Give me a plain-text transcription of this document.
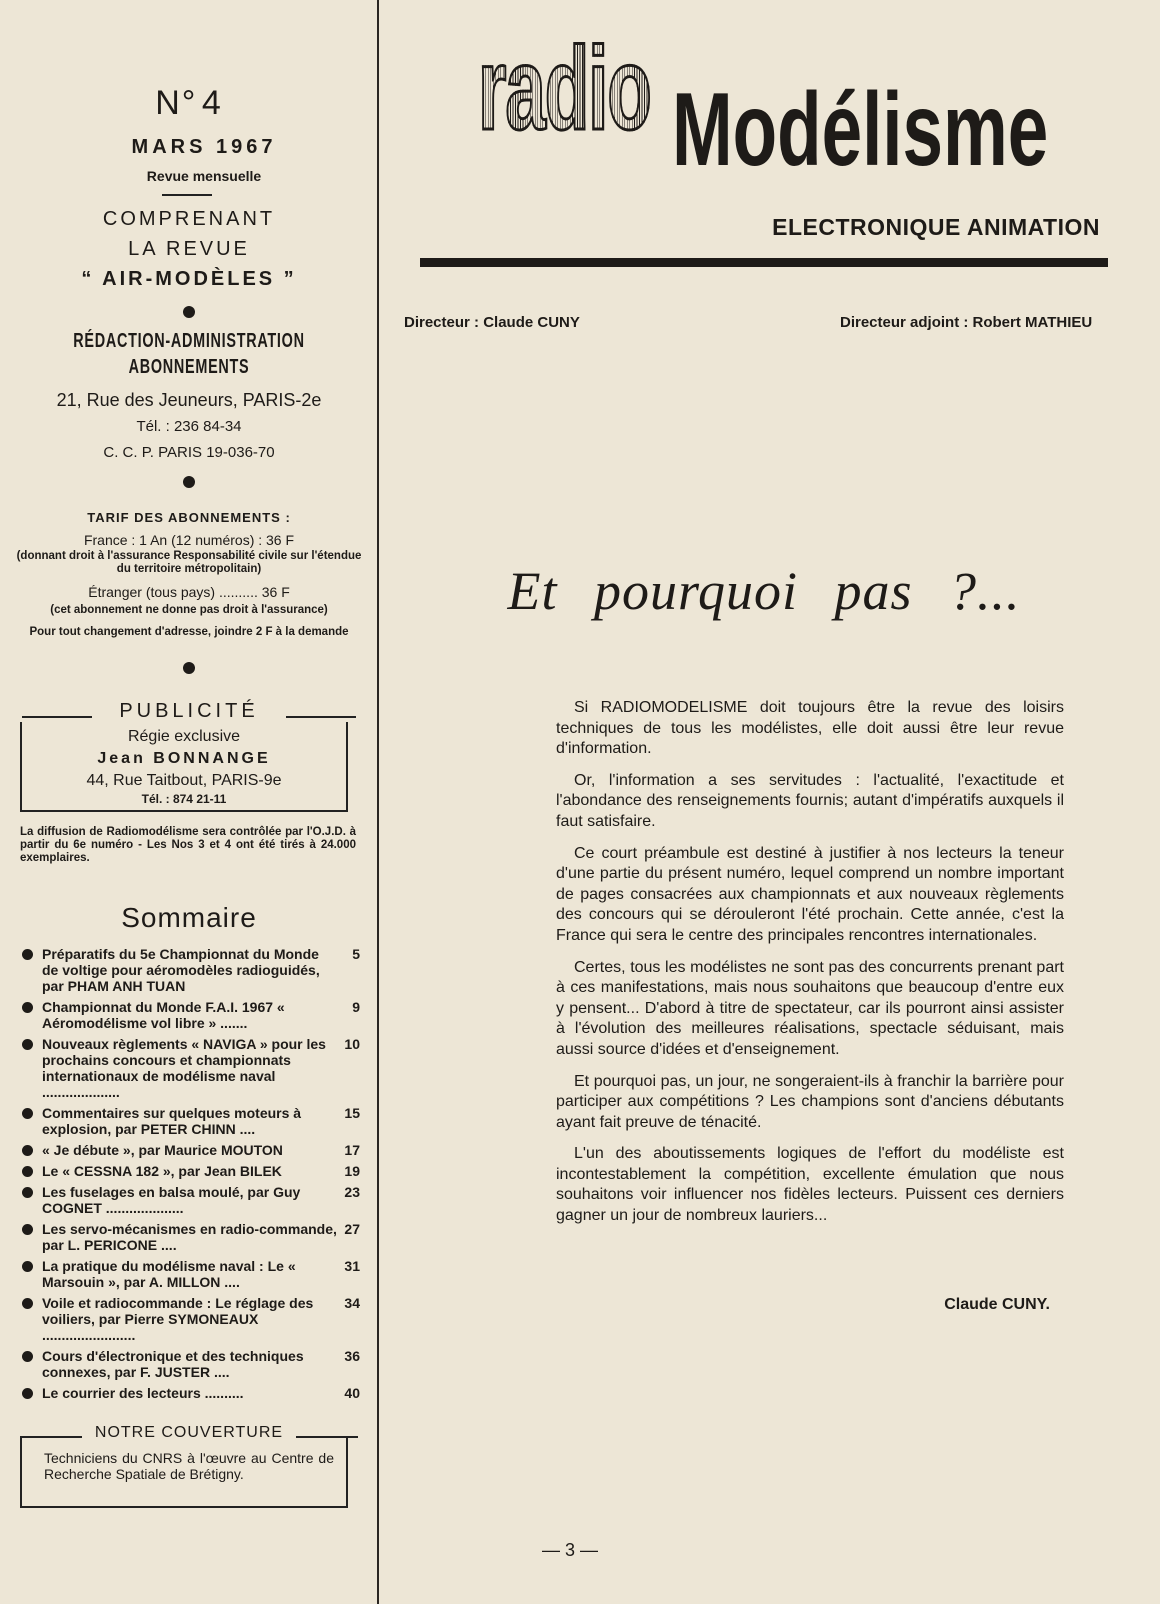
N° 4
MARS 1967
Revue mensuelle
COMPRENANT
LA REVUE
“ AIR-MODÈLES ”
RÉDACTION-ADMINISTRATION
ABONNEMENTS
21, Rue des Jeuneurs, PARIS-2e
Tél. : 236 84-34
C. C. P. PARIS 19-036-70
TARIF DES ABONNEMENTS :
France : 1 An (12 numéros) : 36 F
(donnant droit à l'assurance Responsabilité civile sur l'étendue du territoire métropolitain)
Étranger (tous pays) .......... 36 F
(cet abonnement ne donne pas droit à l'assurance)
Pour tout changement d'adresse, joindre 2 F à la demande
PUBLICITÉ
Régie exclusive
Jean BONNANGE
44, Rue Taitbout, PARIS-9e
Tél. : 874 21-11
La diffusion de Radiomodélisme sera contrôlée par l'O.J.D. à partir du 6e numéro - Les Nos 3 et 4 ont été tirés à 24.000 exemplaires.
Sommaire
Préparatifs du 5e Championnat du Monde de voltige pour aéromodèles radioguidés, par PHAM ANH TUAN
5
Championnat du Monde F.A.I. 1967 « Aéromodélisme vol libre » .......
9
Nouveaux règlements « NAVIGA » pour les prochains concours et championnats internationaux de modélisme naval ....................
10
Commentaires sur quelques moteurs à explosion, par PETER CHINN ....
15
« Je débute », par Maurice MOUTON	17
Le « CESSNA 182 », par Jean BILEK	19
Les fuselages en balsa moulé, par Guy COGNET ....................
23
Les servo-mécanismes en radio-commande, par L. PERICONE ....
27
La pratique du modélisme naval : Le « Marsouin », par A. MILLON ....
31
Voile et radiocommande : Le réglage des voiliers, par Pierre SYMONEAUX ........................
34
Cours d'électronique et des techniques connexes, par F. JUSTER ....
36
Le courrier des lecteurs ..........	40
NOTRE COUVERTURE
Techniciens du CNRS à l'œuvre au Centre de Recherche Spatiale de Brétigny.
radio Modélisme
ELECTRONIQUE ANIMATION
Directeur : Claude CUNY	Directeur adjoint : Robert MATHIEU
Et pourquoi pas ?...

Si RADIOMODELISME doit toujours être la revue des loisirs techniques de tous les modélistes, elle doit aussi être leur revue d'information.

Or, l'information a ses servitudes : l'actualité, l'exactitude et l'abondance des renseignements fournis; autant d'impératifs auxquels il faut satisfaire.

Ce court préambule est destiné à justifier à nos lecteurs la teneur d'une partie du présent numéro, lequel comprend un nombre important de pages consacrées aux championnats et aux nouveaux règlements des concours qui se dérouleront l'été prochain. Cette année, c'est la France qui sera le centre des principales rencontres internationales.

Certes, tous les modélistes ne sont pas des concurrents prenant part à ces manifestations, mais nous souhaitons que beaucoup d'entre eux y pensent... D'abord à titre de spectateur, car ils pourront ainsi assister à l'évolution des meilleures réalisations, spectacle séduisant, mais aussi source d'idées et d'enseignement.

Et pourquoi pas, un jour, ne songeraient-ils à franchir la barrière pour participer aux compétitions ? Les champions sont d'anciens débutants ayant fait preuve de ténacité.

L'un des aboutissements logiques de l'effort du modéliste est incontestablement la compétition, excellente émulation que nous souhaitons voir influencer nos fidèles lecteurs. Puissent ces derniers gagner un jour de nombreux lauriers...

Claude CUNY.
— 3 —
